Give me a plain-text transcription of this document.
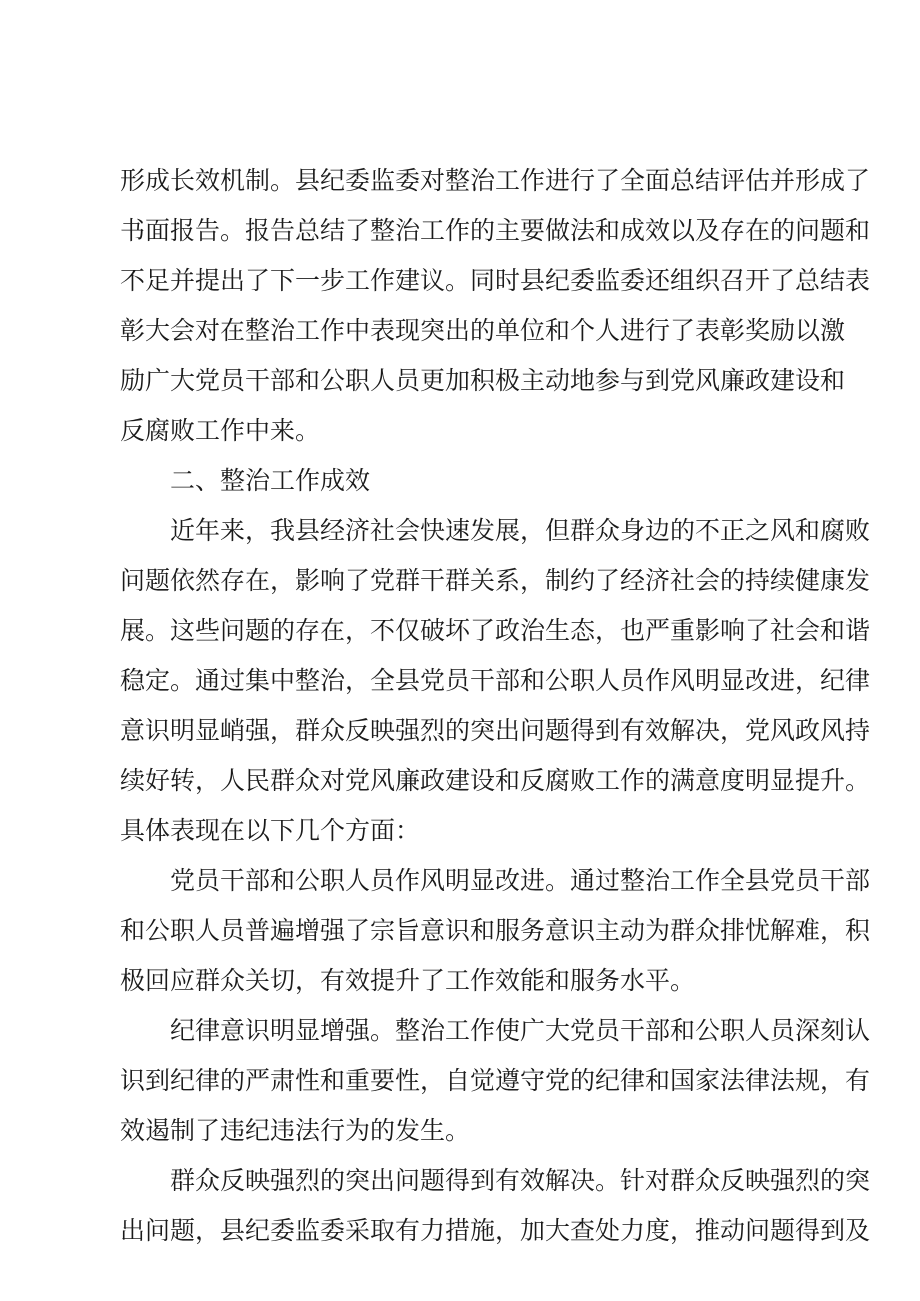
形成长效机制。县纪委监委对整治工作进行了全面总结评估并形成了
书面报告。报告总结了整治工作的主要做法和成效以及存在的问题和
不足并提出了下一步工作建议。同时县纪委监委还组织召开了总结表
彰大会对在整治工作中表现突出的单位和个人进行了表彰奖励以激
励广大党员干部和公职人员更加积极主动地参与到党风廉政建设和
反腐败工作中来。
二、整治工作成效
近年来，我县经济社会快速发展，但群众身边的不正之风和腐败
问题依然存在，影响了党群干群关系，制约了经济社会的持续健康发
展。这些问题的存在，不仅破坏了政治生态，也严重影响了社会和谐
稳定。通过集中整治，全县党员干部和公职人员作风明显改进，纪律
意识明显峭强，群众反映强烈的突出问题得到有效解决，党风政风持
续好转，人民群众对党风廉政建设和反腐败工作的满意度明显提升。
具体表现在以下几个方面：
党员干部和公职人员作风明显改进。通过整治工作全县党员干部
和公职人员普遍增强了宗旨意识和服务意识主动为群众排忧解难，积
极回应群众关切，有效提升了工作效能和服务水平。
纪律意识明显增强。整治工作使广大党员干部和公职人员深刻认
识到纪律的严肃性和重要性，自觉遵守党的纪律和国家法律法规，有
效遏制了违纪违法行为的发生。
群众反映强烈的突出问题得到有效解决。针对群众反映强烈的突
出问题，县纪委监委采取有力措施，加大查处力度，推动问题得到及
